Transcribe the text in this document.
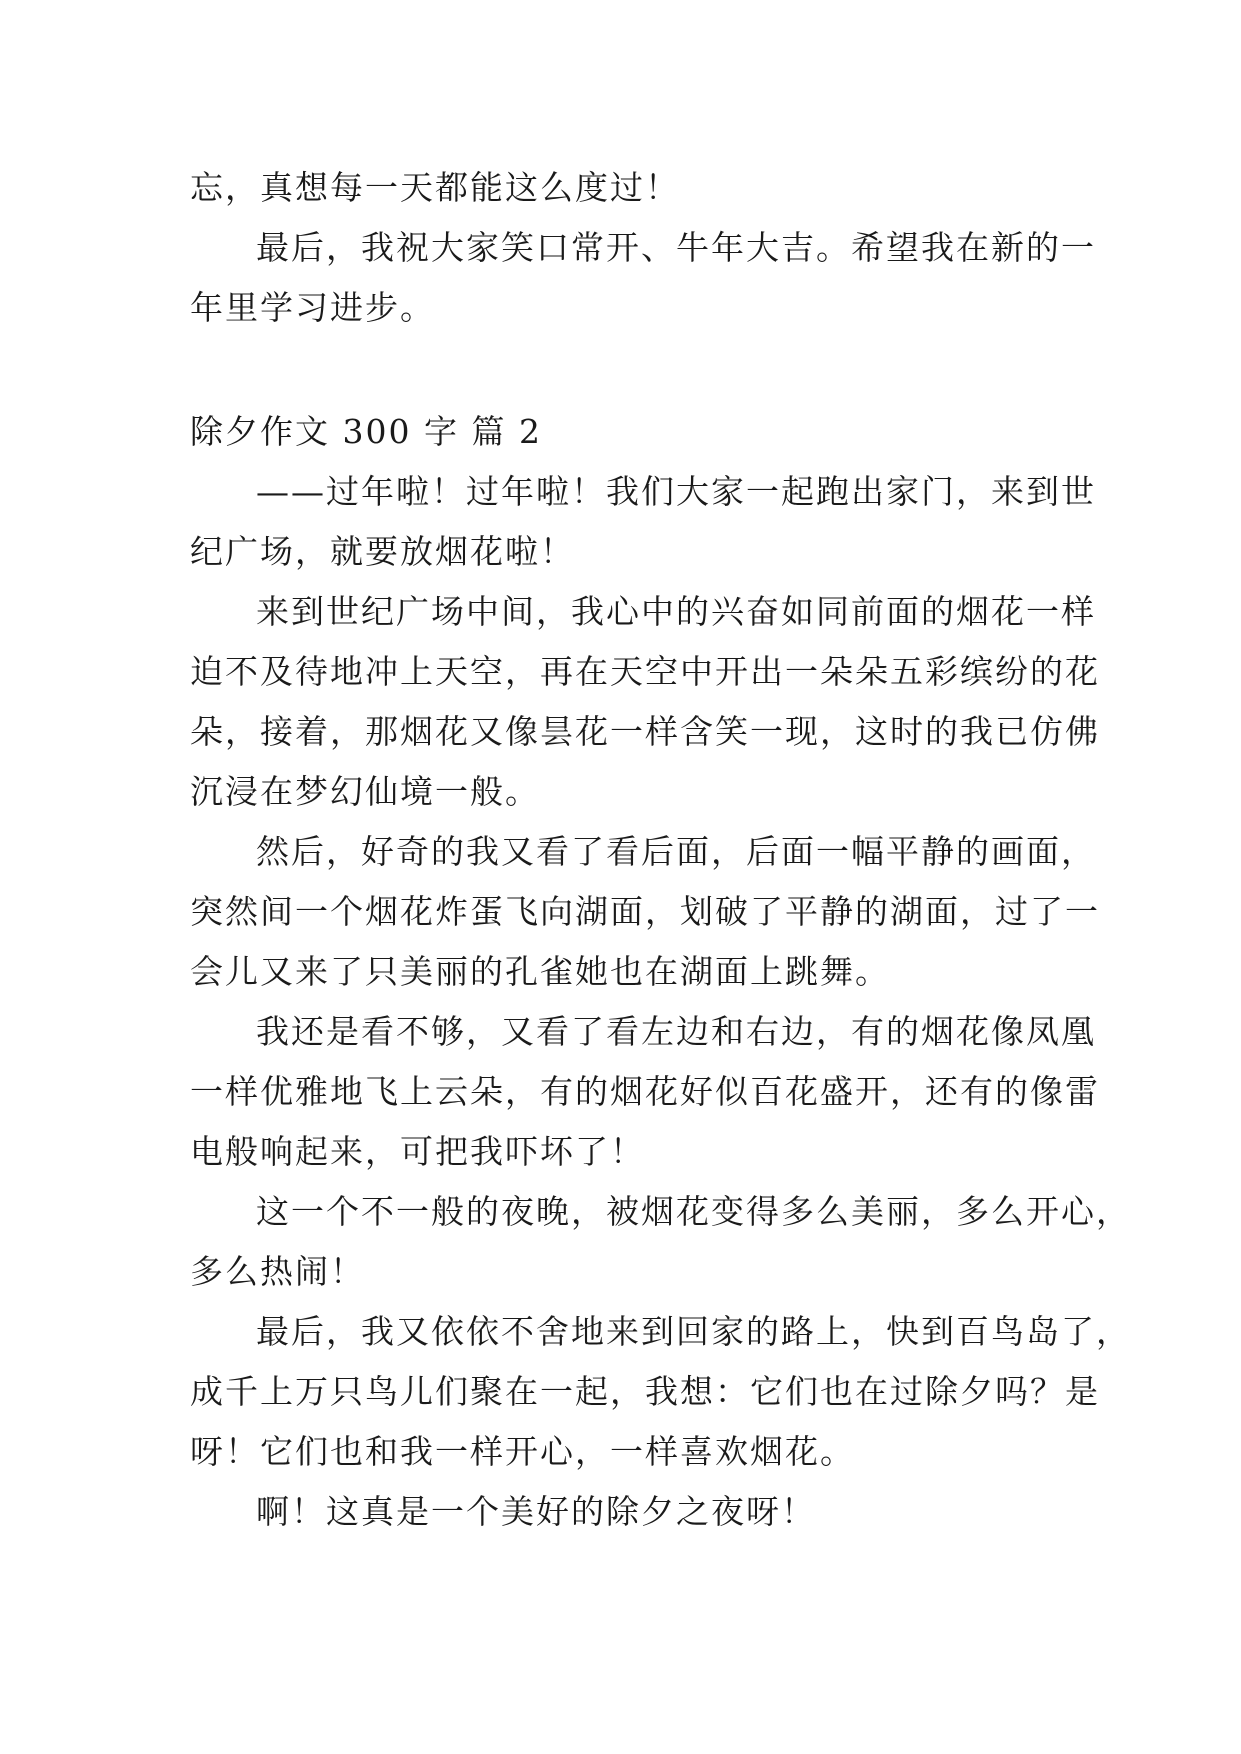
忘，真想每一天都能这么度过！
最后，我祝大家笑口常开、牛年大吉。希望我在新的一
年里学习进步。
除夕作文 300 字 篇 2
——过年啦！过年啦！我们大家一起跑出家门，来到世
纪广场，就要放烟花啦！
来到世纪广场中间，我心中的兴奋如同前面的烟花一样
迫不及待地冲上天空，再在天空中开出一朵朵五彩缤纷的花
朵，接着，那烟花又像昙花一样含笑一现，这时的我已仿佛
沉浸在梦幻仙境一般。
然后，好奇的我又看了看后面，后面一幅平静的画面，
突然间一个烟花炸蛋飞向湖面，划破了平静的湖面，过了一
会儿又来了只美丽的孔雀她也在湖面上跳舞。
我还是看不够，又看了看左边和右边，有的烟花像凤凰
一样优雅地飞上云朵，有的烟花好似百花盛开，还有的像雷
电般响起来，可把我吓坏了！
这一个不一般的夜晚，被烟花变得多么美丽，多么开心，
多么热闹！
最后，我又依依不舍地来到回家的路上，快到百鸟岛了，
成千上万只鸟儿们聚在一起，我想：它们也在过除夕吗？是
呀！它们也和我一样开心，一样喜欢烟花。
啊！这真是一个美好的除夕之夜呀！
